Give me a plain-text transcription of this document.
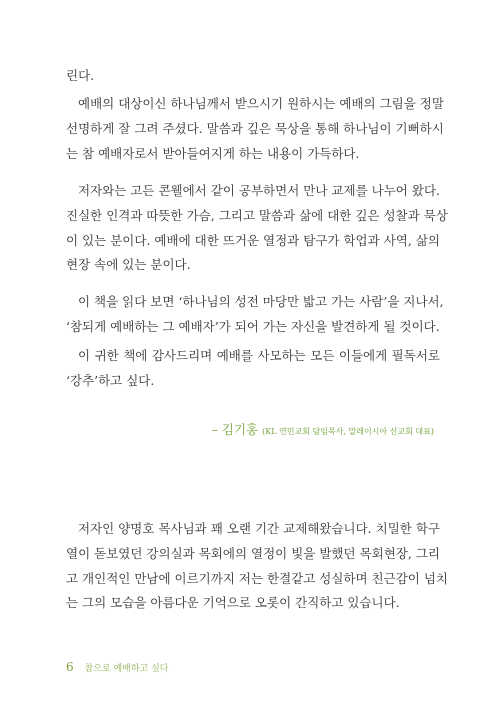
린다.

예배의 대상이신 하나님께서 받으시기 원하시는 예배의 그림을 정말
선명하게 잘 그려 주셨다. 말씀과 깊은 묵상을 통해 하나님이 기뻐하시
는 참 예배자로서 받아들여지게 하는 내용이 가득하다.

저자와는 고든 콘웰에서 같이 공부하면서 만나 교제를 나누어 왔다.
진실한 인격과 따뜻한 가슴, 그리고 말씀과 삶에 대한 깊은 성찰과 묵상
이 있는 분이다. 예배에 대한 뜨거운 열정과 탐구가 학업과 사역, 삶의
현장 속에 있는 분이다.

이 책을 읽다 보면 ‘하나님의 성전 마당만 밟고 가는 사람’을 지나서,
‘참되게 예배하는 그 예배자’가 되어 가는 자신을 발견하게 될 것이다.

이 귀한 책에 감사드리며 예배를 사모하는 모든 이들에게 필독서로
‘강추’하고 싶다.

– 김기홍 (KL 연민교회 담임목사, 말레이시아 선교회 대표)

저자인 양명호 목사님과 꽤 오랜 기간 교제해왔습니다. 치밀한 학구
열이 돋보였던 강의실과 목회에의 열정이 빛을 발했던 목회현장, 그리
고 개인적인 만남에 이르기까지 저는 한결같고 성실하며 친근감이 넘치
는 그의 모습을 아름다운 기억으로 오롯이 간직하고 있습니다.

6 참으로 예배하고 싶다
